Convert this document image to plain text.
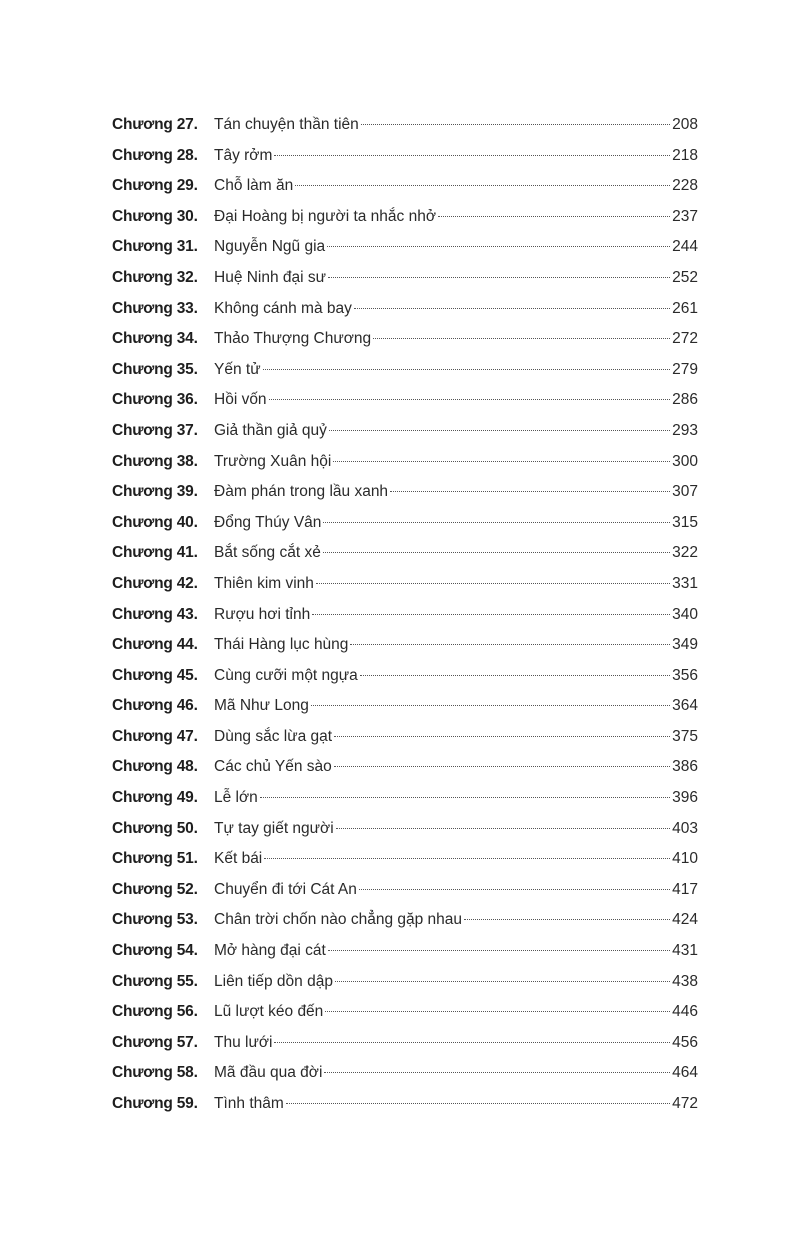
Chương 27.	Tán chuyện thần tiên	208
Chương 28.	Tây rởm	218
Chương 29.	Chỗ làm ăn	228
Chương 30.	Đại Hoàng bị người ta nhắc nhở	237
Chương 31.	Nguyễn Ngũ gia	244
Chương 32.	Huệ Ninh đại sư	252
Chương 33.	Không cánh mà bay	261
Chương 34.	Thảo Thượng Chương	272
Chương 35.	Yến tử	279
Chương 36.	Hồi vốn	286
Chương 37.	Giả thần giả quỷ	293
Chương 38.	Trường Xuân hội	300
Chương 39.	Đàm phán trong lầu xanh	307
Chương 40.	Đổng Thúy Vân	315
Chương 41.	Bắt sống cắt xẻ	322
Chương 42.	Thiên kim vinh	331
Chương 43.	Rượu hơi tỉnh	340
Chương 44.	Thái Hàng lục hùng	349
Chương 45.	Cùng cưỡi một ngựa	356
Chương 46.	Mã Như Long	364
Chương 47.	Dùng sắc lừa gạt	375
Chương 48.	Các chủ Yến sào	386
Chương 49.	Lễ lớn	396
Chương 50.	Tự tay giết người	403
Chương 51.	Kết bái	410
Chương 52.	Chuyển đi tới Cát An	417
Chương 53.	Chân trời chốn nào chẳng gặp nhau	424
Chương 54.	Mở hàng đại cát	431
Chương 55.	Liên tiếp dồn dập	438
Chương 56.	Lũ lượt kéo đến	446
Chương 57.	Thu lưới	456
Chương 58.	Mã đầu qua đời	464
Chương 59.	Tình thâm	472
